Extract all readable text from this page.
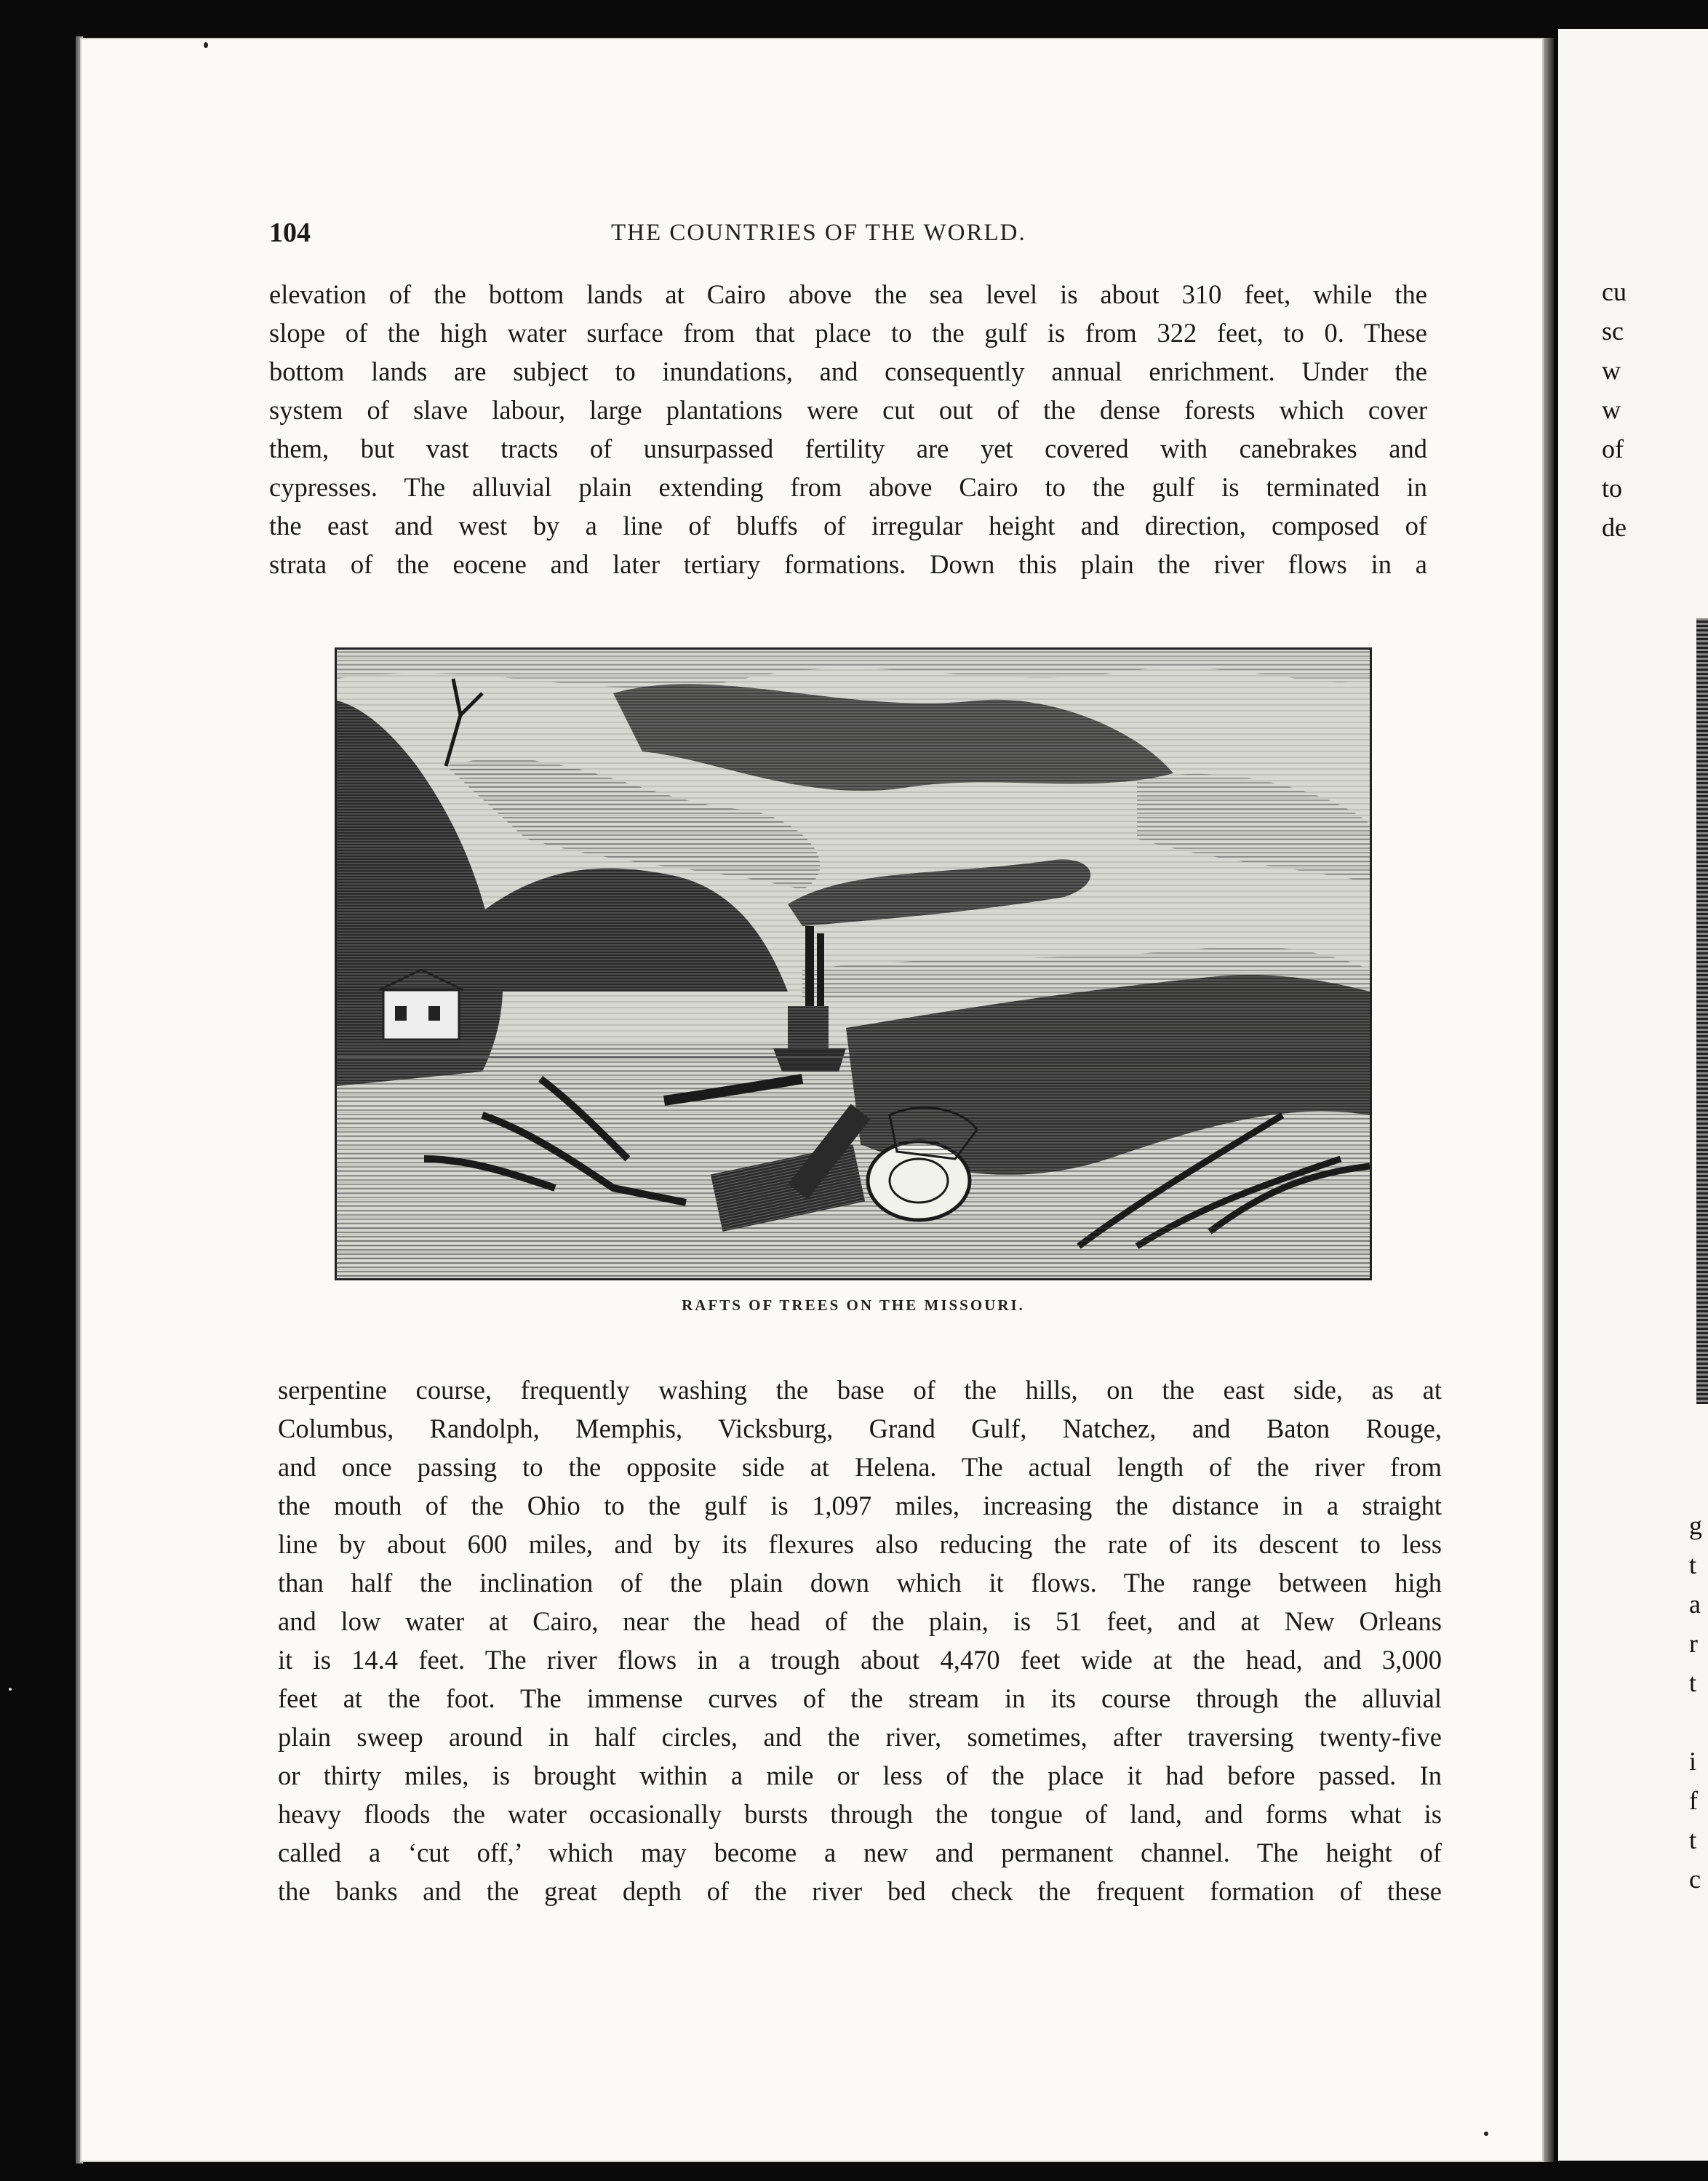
cu
sc
w
w
of
to
de
g
t
a
r
t
i
f
t
c
104	THE COUNTRIES OF THE WORLD.
elevation of the bottom lands at Cairo above the sea level is about 310 feet, while the
slope of the high water surface from that place to the gulf is from 322 feet, to 0. These
bottom lands are subject to inundations, and consequently annual enrichment. Under the
system of slave labour, large plantations were cut out of the dense forests which cover
them, but vast tracts of unsurpassed fertility are yet covered with canebrakes and
cypresses. The alluvial plain extending from above Cairo to the gulf is terminated in
the east and west by a line of bluffs of irregular height and direction, composed of
strata of the eocene and later tertiary formations. Down this plain the river flows in a
RAFTS OF TREES ON THE MISSOURI.
serpentine course, frequently washing the base of the hills, on the east side, as at
Columbus, Randolph, Memphis, Vicksburg, Grand Gulf, Natchez, and Baton Rouge,
and once passing to the opposite side at Helena. The actual length of the river from
the mouth of the Ohio to the gulf is 1,097 miles, increasing the distance in a straight
line by about 600 miles, and by its flexures also reducing the rate of its descent to less
than half the inclination of the plain down which it flows. The range between high
and low water at Cairo, near the head of the plain, is 51 feet, and at New Orleans
it is 14.4 feet. The river flows in a trough about 4,470 feet wide at the head, and 3,000
feet at the foot. The immense curves of the stream in its course through the alluvial
plain sweep around in half circles, and the river, sometimes, after traversing twenty-five
or thirty miles, is brought within a mile or less of the place it had before passed. In
heavy floods the water occasionally bursts through the tongue of land, and forms what is
called a ‘cut off,’ which may become a new and permanent channel. The height of
the banks and the great depth of the river bed check the frequent formation of these
